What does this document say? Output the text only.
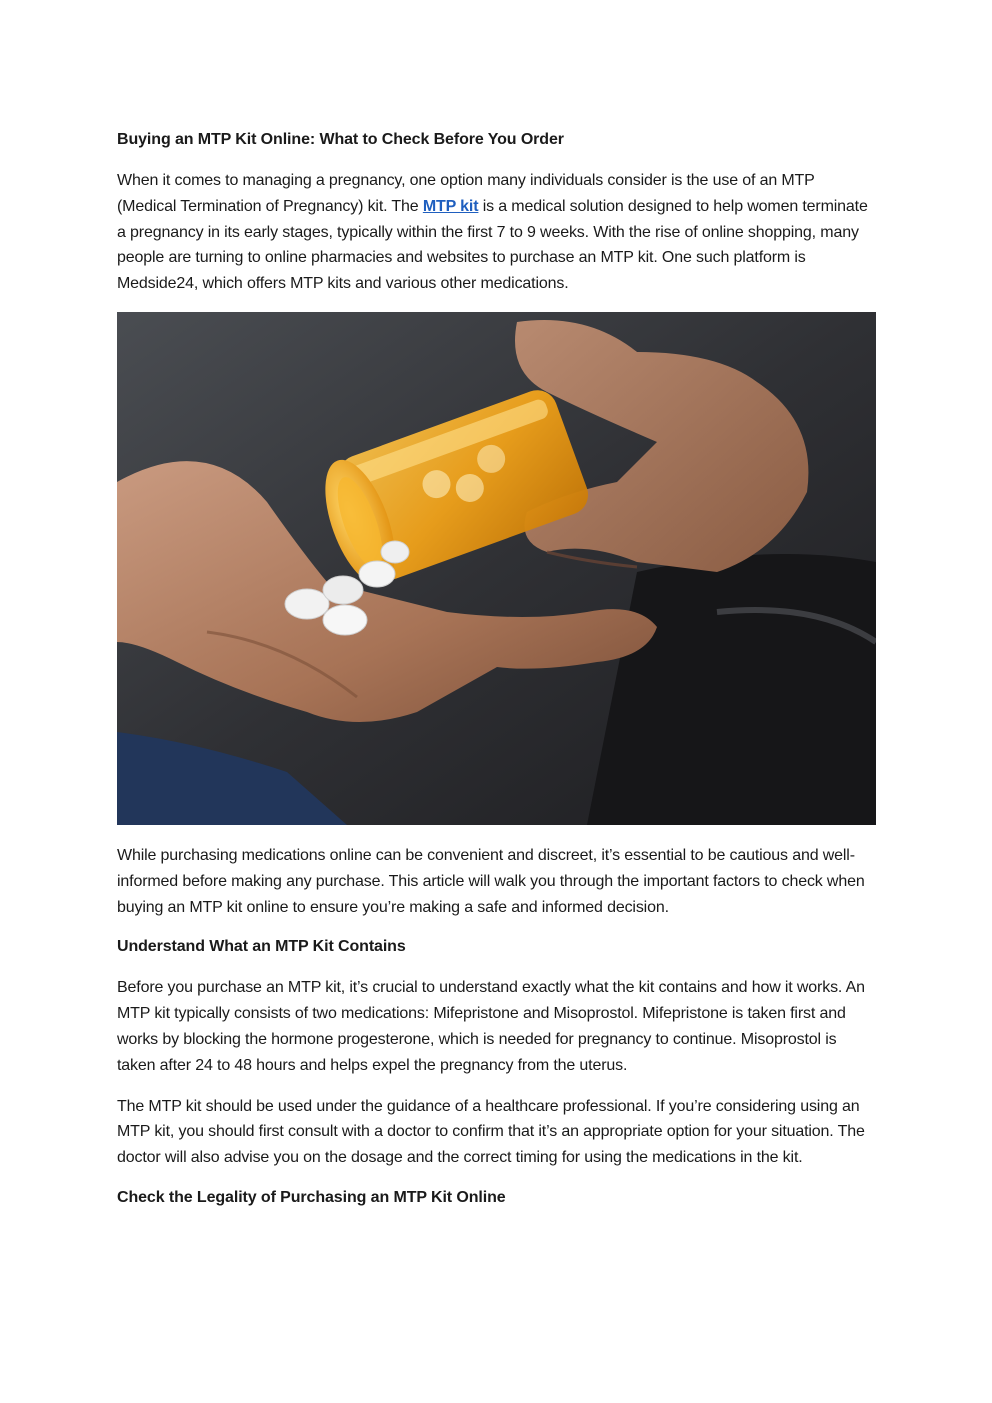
Buying an MTP Kit Online: What to Check Before You Order

When it comes to managing a pregnancy, one option many individuals consider is the use of an MTP (Medical Termination of Pregnancy) kit. The MTP kit is a medical solution designed to help women terminate a pregnancy in its early stages, typically within the first 7 to 9 weeks. With the rise of online shopping, many people are turning to online pharmacies and websites to purchase an MTP kit. One such platform is Medside24, which offers MTP kits and various other medications.

While purchasing medications online can be convenient and discreet, it’s essential to be cautious and well-informed before making any purchase. This article will walk you through the important factors to check when buying an MTP kit online to ensure you’re making a safe and informed decision.

Understand What an MTP Kit Contains

Before you purchase an MTP kit, it’s crucial to understand exactly what the kit contains and how it works. An MTP kit typically consists of two medications: Mifepristone and Misoprostol. Mifepristone is taken first and works by blocking the hormone progesterone, which is needed for pregnancy to continue. Misoprostol is taken after 24 to 48 hours and helps expel the pregnancy from the uterus.

The MTP kit should be used under the guidance of a healthcare professional. If you’re considering using an MTP kit, you should first consult with a doctor to confirm that it’s an appropriate option for your situation. The doctor will also advise you on the dosage and the correct timing for using the medications in the kit.

Check the Legality of Purchasing an MTP Kit Online
